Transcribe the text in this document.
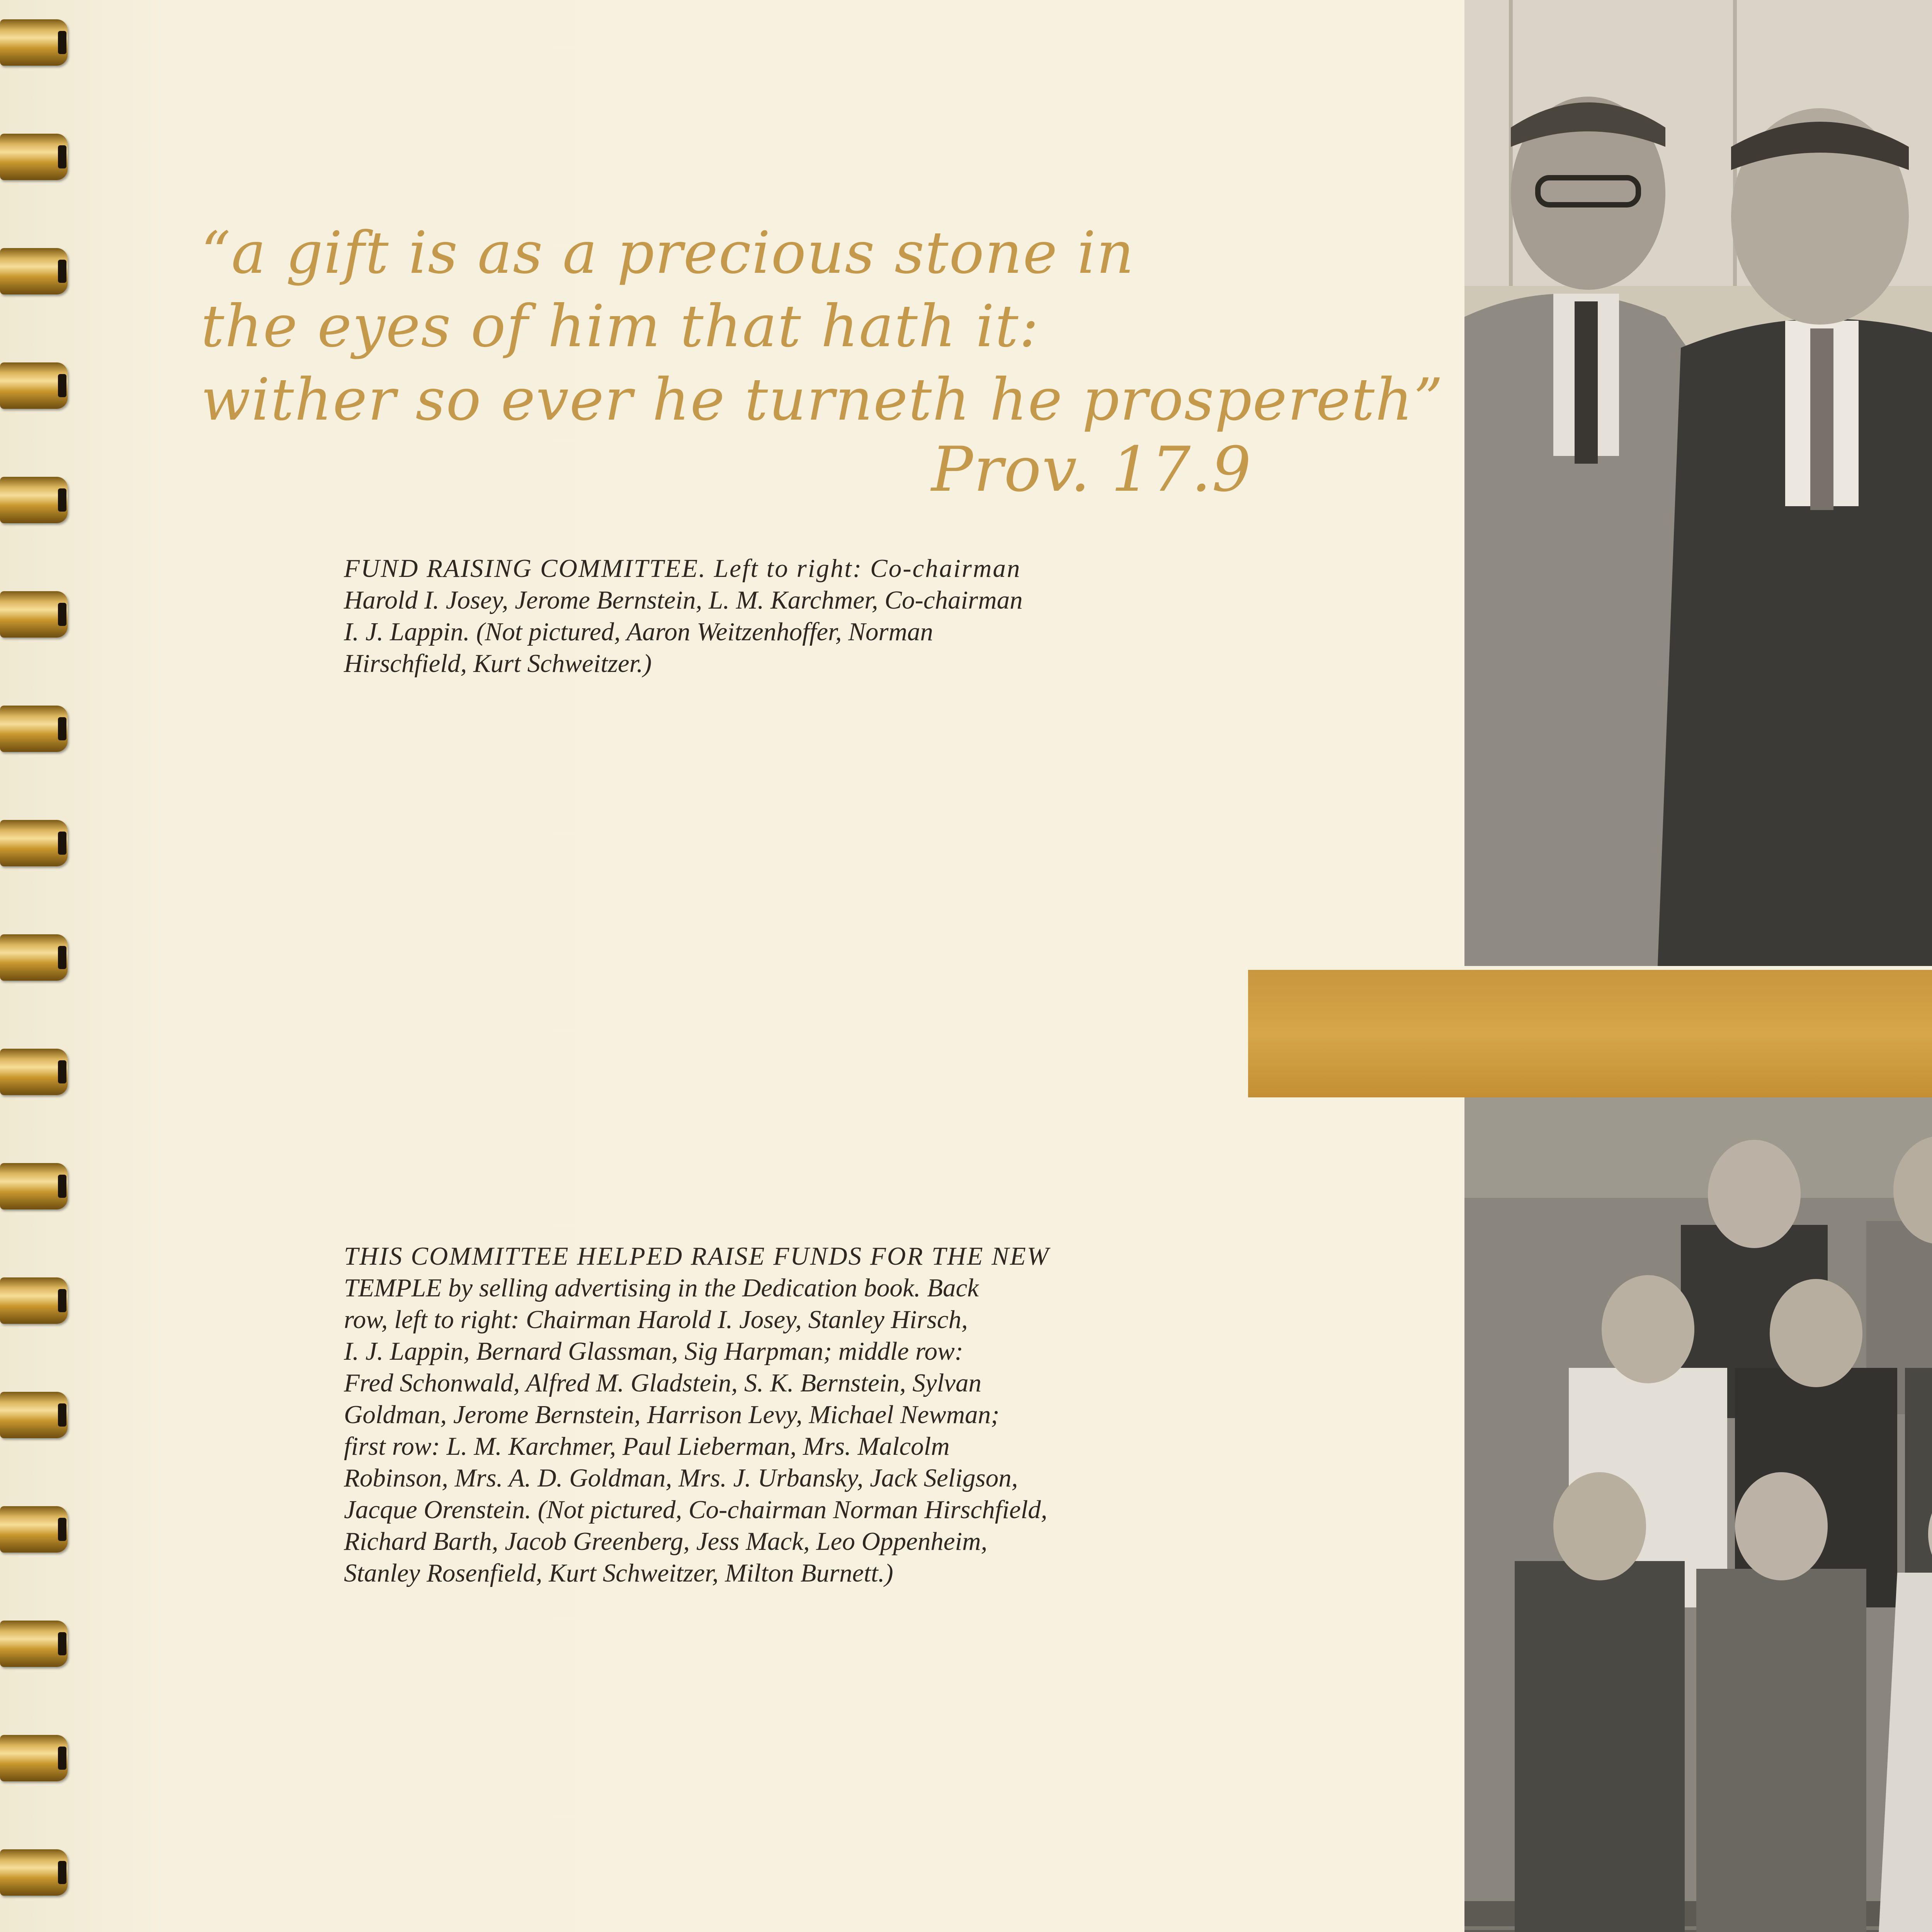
“a gift is as a precious stone in
the eyes of him that hath it:
wither so ever he turneth he prospereth”
Prov. 17.9
FUND RAISING COMMITTEE. Left to right: Co-chairman
Harold I. Josey, Jerome Bernstein, L. M. Karchmer, Co-chairman
I. J. Lappin. (Not pictured, Aaron Weitzenhoffer, Norman
Hirschfield, Kurt Schweitzer.)
THIS COMMITTEE HELPED RAISE FUNDS FOR THE NEW
TEMPLE by selling advertising in the Dedication book. Back
row, left to right: Chairman Harold I. Josey, Stanley Hirsch,
I. J. Lappin, Bernard Glassman, Sig Harpman; middle row:
Fred Schonwald, Alfred M. Gladstein, S. K. Bernstein, Sylvan
Goldman, Jerome Bernstein, Harrison Levy, Michael Newman;
first row: L. M. Karchmer, Paul Lieberman, Mrs. Malcolm
Robinson, Mrs. A. D. Goldman, Mrs. J. Urbansky, Jack Seligson,
Jacque Orenstein. (Not pictured, Co-chairman Norman Hirschfield,
Richard Barth, Jacob Greenberg, Jess Mack, Leo Oppenheim,
Stanley Rosenfield, Kurt Schweitzer, Milton Burnett.)
